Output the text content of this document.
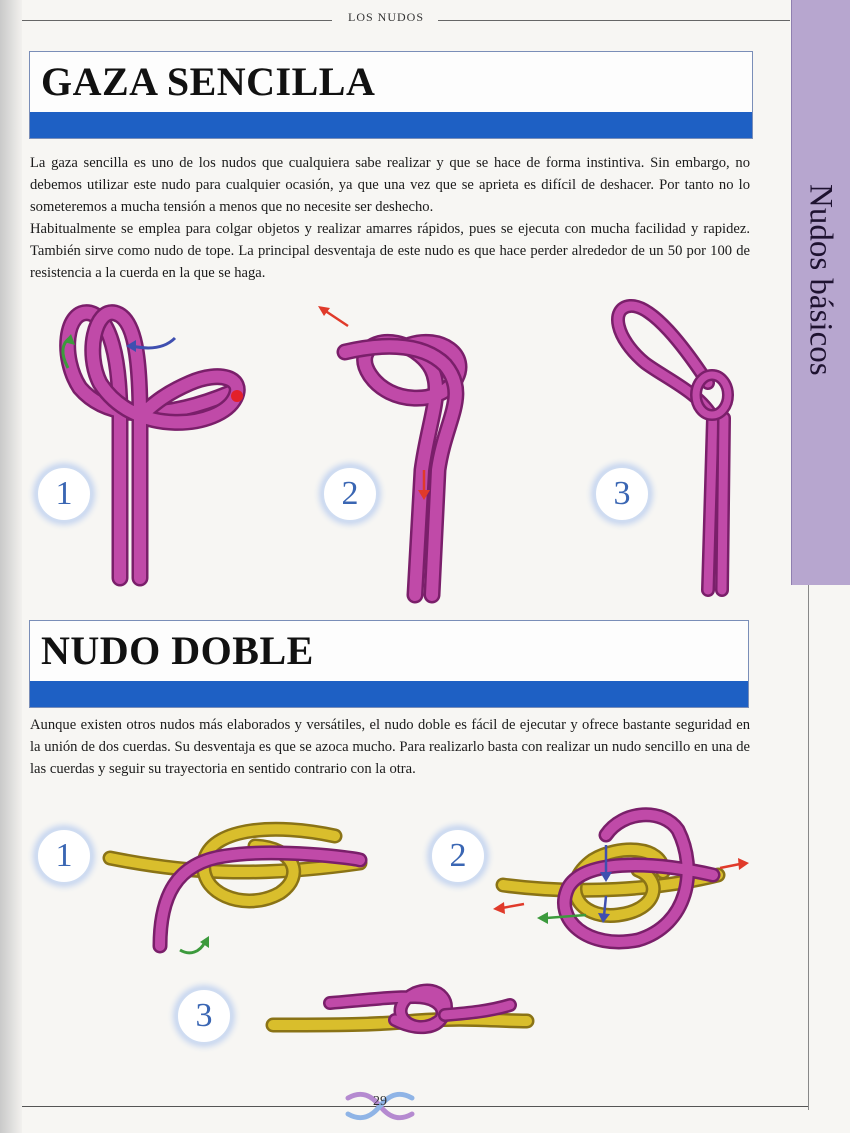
LOS NUDOS
Nudos básicos
GAZA SENCILLA

La gaza sencilla es uno de los nudos que cualquiera sabe realizar y que se hace de forma instintiva. Sin embargo, no debemos utilizar este nudo para cualquier ocasión, ya que una vez que se aprieta es difícil de deshacer. Por tanto no lo someteremos a mucha tensión a menos que no necesite ser deshecho.

Habitualmente se emplea para colgar objetos y realizar amarres rápidos, pues se ejecuta con mucha facilidad y rapidez. También sirve como nudo de tope. La principal desventaja de este nudo es que hace perder alrededor de un 50 por 100 de resistencia a la cuerda en la que se haga.

1	2	3
NUDO DOBLE

Aunque existen otros nudos más elaborados y versátiles, el nudo doble es fácil de ejecutar y ofrece bastante seguridad en la unión de dos cuerdas. Su desventaja es que se azoca mucho. Para realizarlo basta con realizar un nudo sencillo en una de las cuerdas y seguir su trayectoria en sentido contrario con la otra.

1	2
3
29
